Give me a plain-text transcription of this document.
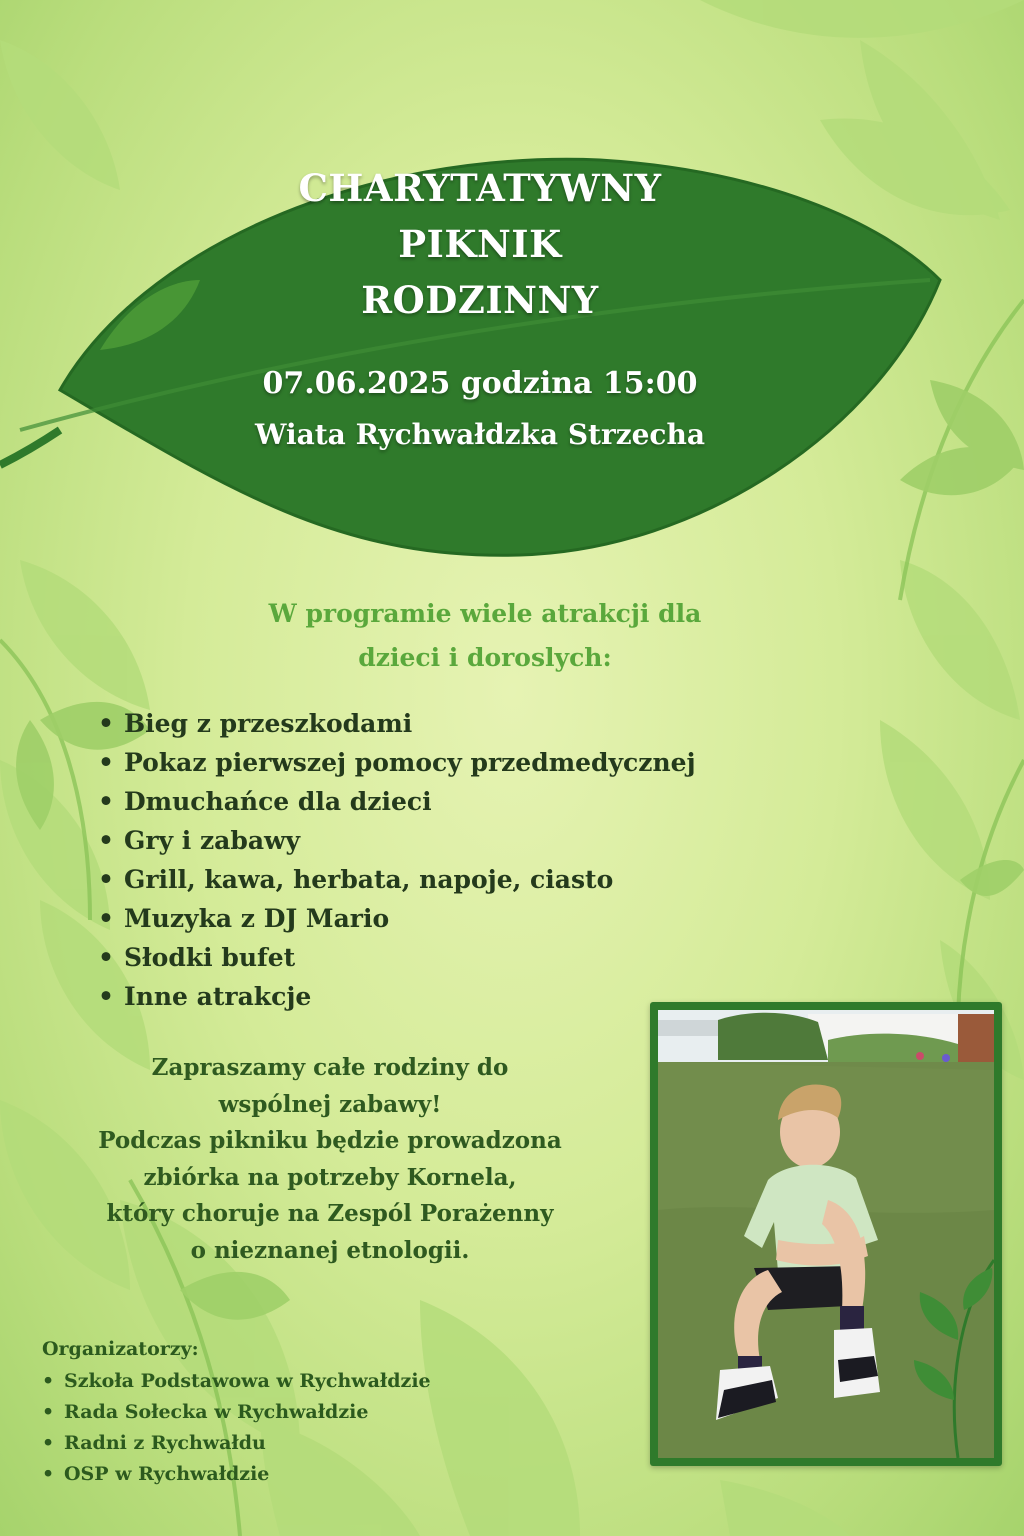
CHARYTATYWNY
PIKNIK
RODZINNY
07.06.2025 godzina 15:00
Wiata Rychwałdzka Strzecha
W programie wiele atrakcji dla
dzieci i doroslych:
• Bieg z przeszkodami
• Pokaz pierwszej pomocy przedmedycznej
• Dmuchańce dla dzieci
• Gry i zabawy
• Grill, kawa, herbata, napoje, ciasto
• Muzyka z DJ Mario
• Słodki bufet
• Inne atrakcje
Zapraszamy całe rodziny do
wspólnej zabawy!
Podczas pikniku będzie prowadzona
zbiórka na potrzeby Kornela,
który choruje na Zespól Porażenny
o nieznanej etnologii.
Organizatorzy:
• Szkoła Podstawowa w Rychwałdzie
• Rada Sołecka w Rychwałdzie
• Radni z Rychwałdu
• OSP w Rychwałdzie
